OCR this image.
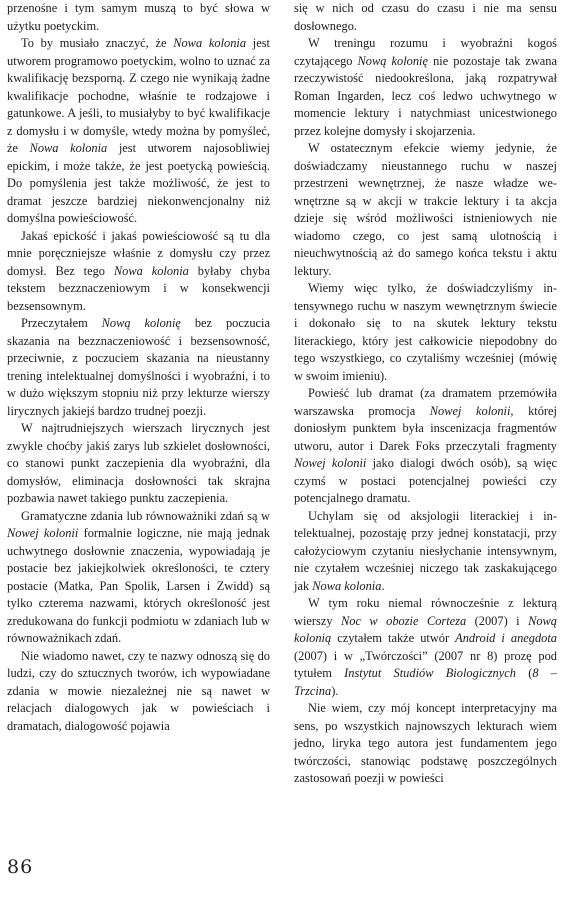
przenośne i tym samym muszą to być słowa w użytku poetyckim.

To by musiało znaczyć, że Nowa kolonia jest utworem programowo poetyckim, wolno to uznać za kwalifikację bezsporną. Z czego nie wynikają żadne kwalifikacje pochodne, właśnie te rodzajowe i gatunkowe. A jeśli, to musiałyby to być kwalifikacje z domysłu i w domyśle, wtedy można by pomyśleć, że Nowa kolonia jest utworem najosobliwiej epickim, i może także, że jest poetycką powieścią. Do pomyślenia jest także możliwość, że jest to dramat jeszcze bardziej niekonwencjonalny niż domyślna powieściowość.

Jakaś epickość i jakaś powieściowość są tu dla mnie poręczniejsze właśnie z domysłu czy przez domysł. Bez tego Nowa kolonia byłaby chyba tekstem bezznaczeniowym i w konsekwencji bezsensownym.

Przeczytałem Nową kolonię bez poczucia skazania na bezznaczeniowość i bezsensowność, przeciwnie, z poczuciem skazania na nieustanny trening intelektualnej domyślności i wyobraźni, i to w dużo większym stopniu niż przy lekturze wierszy lirycznych jakiejś bardzo trudnej poezji.

W najtrudniejszych wierszach lirycznych jest zwykle choćby jakiś zarys lub szkielet dosłowności, co stanowi punkt zaczepienia dla wyobraźni, dla domysłów, eliminacja dosłowności tak skrajna pozbawia nawet takiego punktu zaczepienia.

Gramatyczne zdania lub równoważniki zdań są w Nowej kolonii formalnie logiczne, nie mają jednak uchwytnego dosłownie znaczenia, wypowiadają je postacie bez jakiejkolwiek określoności, te cztery postacie (Matka, Pan Spolik, Larsen i Zwidd) są tylko czterema nazwami, których określoność jest zredukowana do funkcji podmiotu w zdaniach lub w równoważnikach zdań.

Nie wiadomo nawet, czy te nazwy odnoszą się do ludzi, czy do sztucznych tworów, ich wypowiadane zdania w mowie niezależnej nie są nawet w relacjach dialogowych jak w powieściach i dramatach, dialogowość pojawia

się w nich od czasu do czasu i nie ma sensu dosłownego.

W treningu rozumu i wyobraźni kogoś czytającego Nową kolonię nie pozostaje tak zwana rzeczywistość niedookreślona, jaką rozpatrywał Roman Ingarden, lecz coś ledwo uchwytnego w momencie lektury i natychmiast unicestwionego przez kolejne domysły i skojarzenia.

W ostatecznym efekcie wiemy jedynie, że doświadczamy nieustannego ruchu w naszej przestrzeni wewnętrznej, że nasze władze wewnętrzne są w akcji w trakcie lektury i ta akcja dzieje się wśród możliwości istnieniowych nie wiadomo czego, co jest samą ulotnością i nieuchwytnością aż do samego końca tekstu i aktu lektury.

Wiemy więc tylko, że doświadczyliśmy intensywnego ruchu w naszym wewnętrznym świecie i dokonało się to na skutek lektury tekstu literackiego, który jest całkowicie niepodobny do tego wszystkiego, co czytaliśmy wcześniej (mówię w swoim imieniu).

Powieść lub dramat (za dramatem przemówiła warszawska promocja Nowej kolonii, której doniosłym punktem była inscenizacja fragmentów utworu, autor i Darek Foks przeczytali fragmenty Nowej kolonii jako dialogi dwóch osób), są więc czymś w postaci potencjalnej powieści czy potencjalnego dramatu.

Uchylam się od aksjologii literackiej i intelektualnej, pozostaję przy jednej konstatacji, przy całożyciowym czytaniu niesłychanie intensywnym, nie czytałem wcześniej niczego tak zaskakującego jak Nowa kolonia.

W tym roku niemal równocześnie z lekturą wierszy Noc w obozie Corteza (2007) i Nową kolonią czytałem także utwór Android i anegdota (2007) i w „Twórczości” (2007 nr 8) prozę pod tytułem Instytut Studiów Biologicznych (8 – Trzcina).

Nie wiem, czy mój koncept interpretacyjny ma sens, po wszystkich najnowszych lekturach wiem jedno, liryka tego autora jest fundamentem jego twórczości, stanowiąc podstawę poszczególnych zastosowań poezji w powieści

86
